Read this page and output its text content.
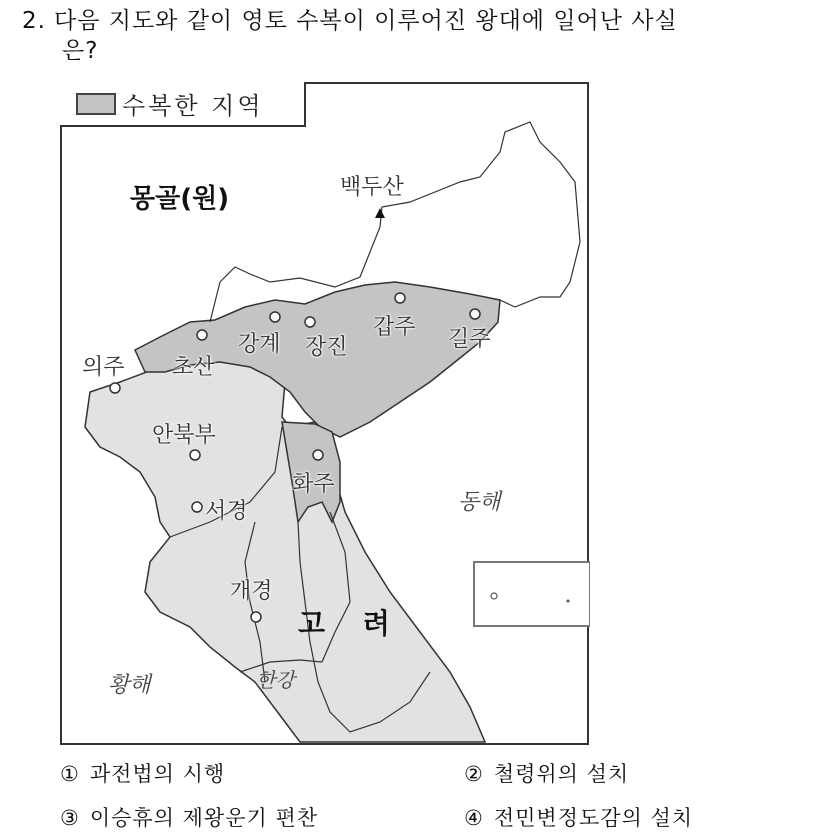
2. 다음 지도와 같이 영토 수복이 이루어진 왕대에 일어난 사실
은?
수복한 지역
몽골(원)	백두산
의주 초산
강계 장진
갑주 길주
안북부
화주
서경	동해
개경
고 려
황해	한강
① 과전법의 시행	② 철령위의 설치
③ 이승휴의 제왕운기 편찬	④ 전민변정도감의 설치
